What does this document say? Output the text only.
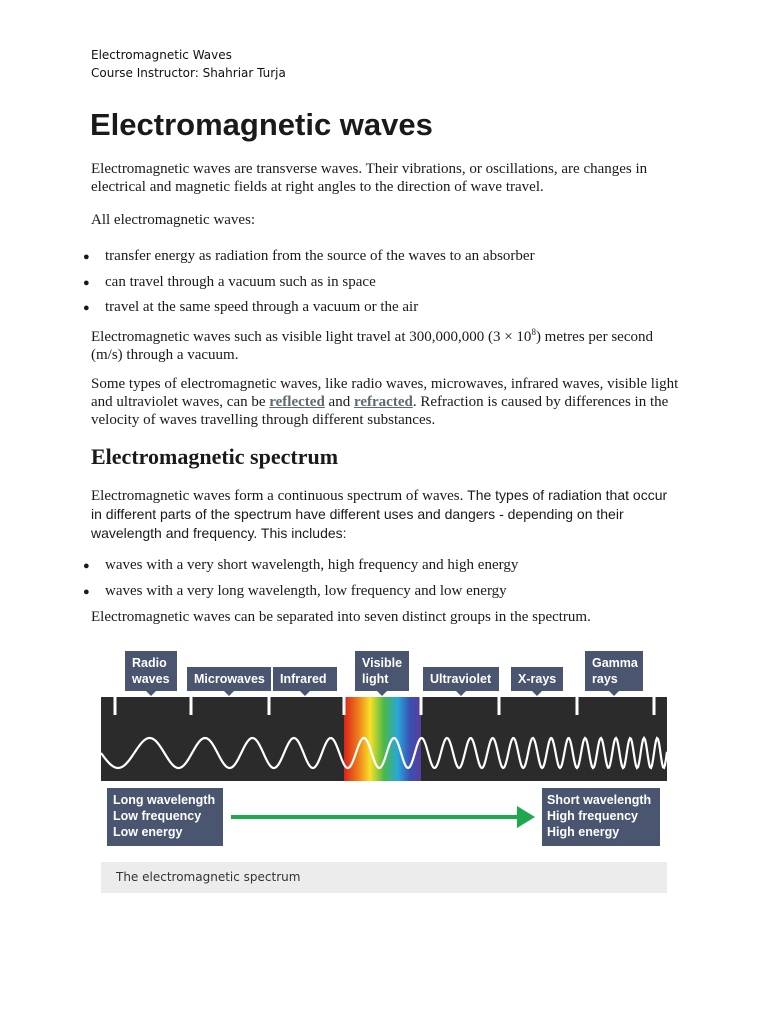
Electromagnetic Waves
Course Instructor: Shahriar Turja
Electromagnetic waves

Electromagnetic waves are transverse waves. Their vibrations, or oscillations, are changes in electrical and magnetic fields at right angles to the direction of wave travel.

All electromagnetic waves:

● transfer energy as radiation from the source of the waves to an absorber
● can travel through a vacuum such as in space
● travel at the same speed through a vacuum or the air

Electromagnetic waves such as visible light travel at 300,000,000 $(3 \times 10^8)$ metres per second (m/s) through a vacuum.

Some types of electromagnetic waves, like radio waves, microwaves, infrared waves, visible light and ultraviolet waves, can be reflected and refracted. Refraction is caused by differences in the velocity of waves travelling through different substances.

Electromagnetic spectrum

Electromagnetic waves form a continuous spectrum of waves. The types of radiation that occur in different parts of the spectrum have different uses and dangers - depending on their wavelength and frequency. This includes:

● waves with a very short wavelength, high frequency and high energy
● waves with a very long wavelength, low frequency and low energy

Electromagnetic waves can be separated into seven distinct groups in the spectrum.

Radio
waves Microwaves Infrared
Visible
light	Ultraviolet X-rays
Gamma
rays
Long wavelength
Low frequency
Low energy
Short wavelength
High frequency
High energy
The electromagnetic spectrum
